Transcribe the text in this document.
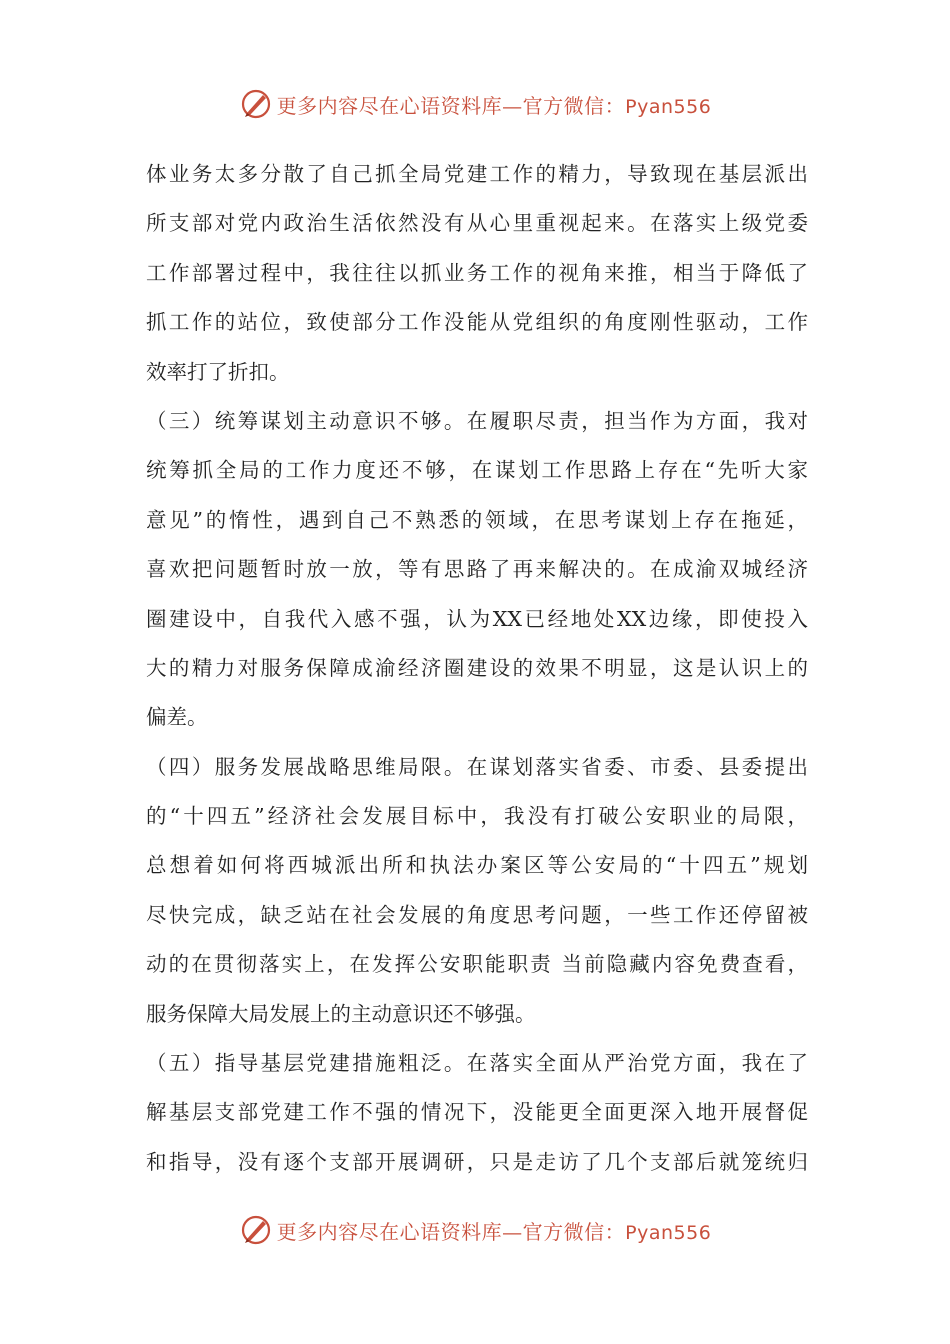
更多内容尽在心语资料库—官方微信：Pyan556
体业务太多分散了自己抓全局党建工作的精力，导致现在基层派出
所支部对党内政治生活依然没有从心里重视起来。在落实上级党委
工作部署过程中，我往往以抓业务工作的视角来推，相当于降低了
抓工作的站位，致使部分工作没能从党组织的角度刚性驱动，工作
效率打了折扣。
（三）统筹谋划主动意识不够。在履职尽责，担当作为方面，我对
统筹抓全局的工作力度还不够，在谋划工作思路上存在“先听大家
意见”的惰性，遇到自己不熟悉的领域，在思考谋划上存在拖延，
喜欢把问题暂时放一放，等有思路了再来解决的。在成渝双城经济
圈建设中，自我代入感不强，认为XX已经地处XX边缘，即使投入
大的精力对服务保障成渝经济圈建设的效果不明显，这是认识上的
偏差。
（四）服务发展战略思维局限。在谋划落实省委、市委、县委提出
的“十四五”经济社会发展目标中，我没有打破公安职业的局限，
总想着如何将西城派出所和执法办案区等公安局的“十四五”规划
尽快完成，缺乏站在社会发展的角度思考问题，一些工作还停留被
动的在贯彻落实上，在发挥公安职能职责 当前隐藏内容免费查看，
服务保障大局发展上的主动意识还不够强。
（五）指导基层党建措施粗泛。在落实全面从严治党方面，我在了
解基层支部党建工作不强的情况下，没能更全面更深入地开展督促
和指导，没有逐个支部开展调研，只是走访了几个支部后就笼统归
更多内容尽在心语资料库—官方微信：Pyan556
